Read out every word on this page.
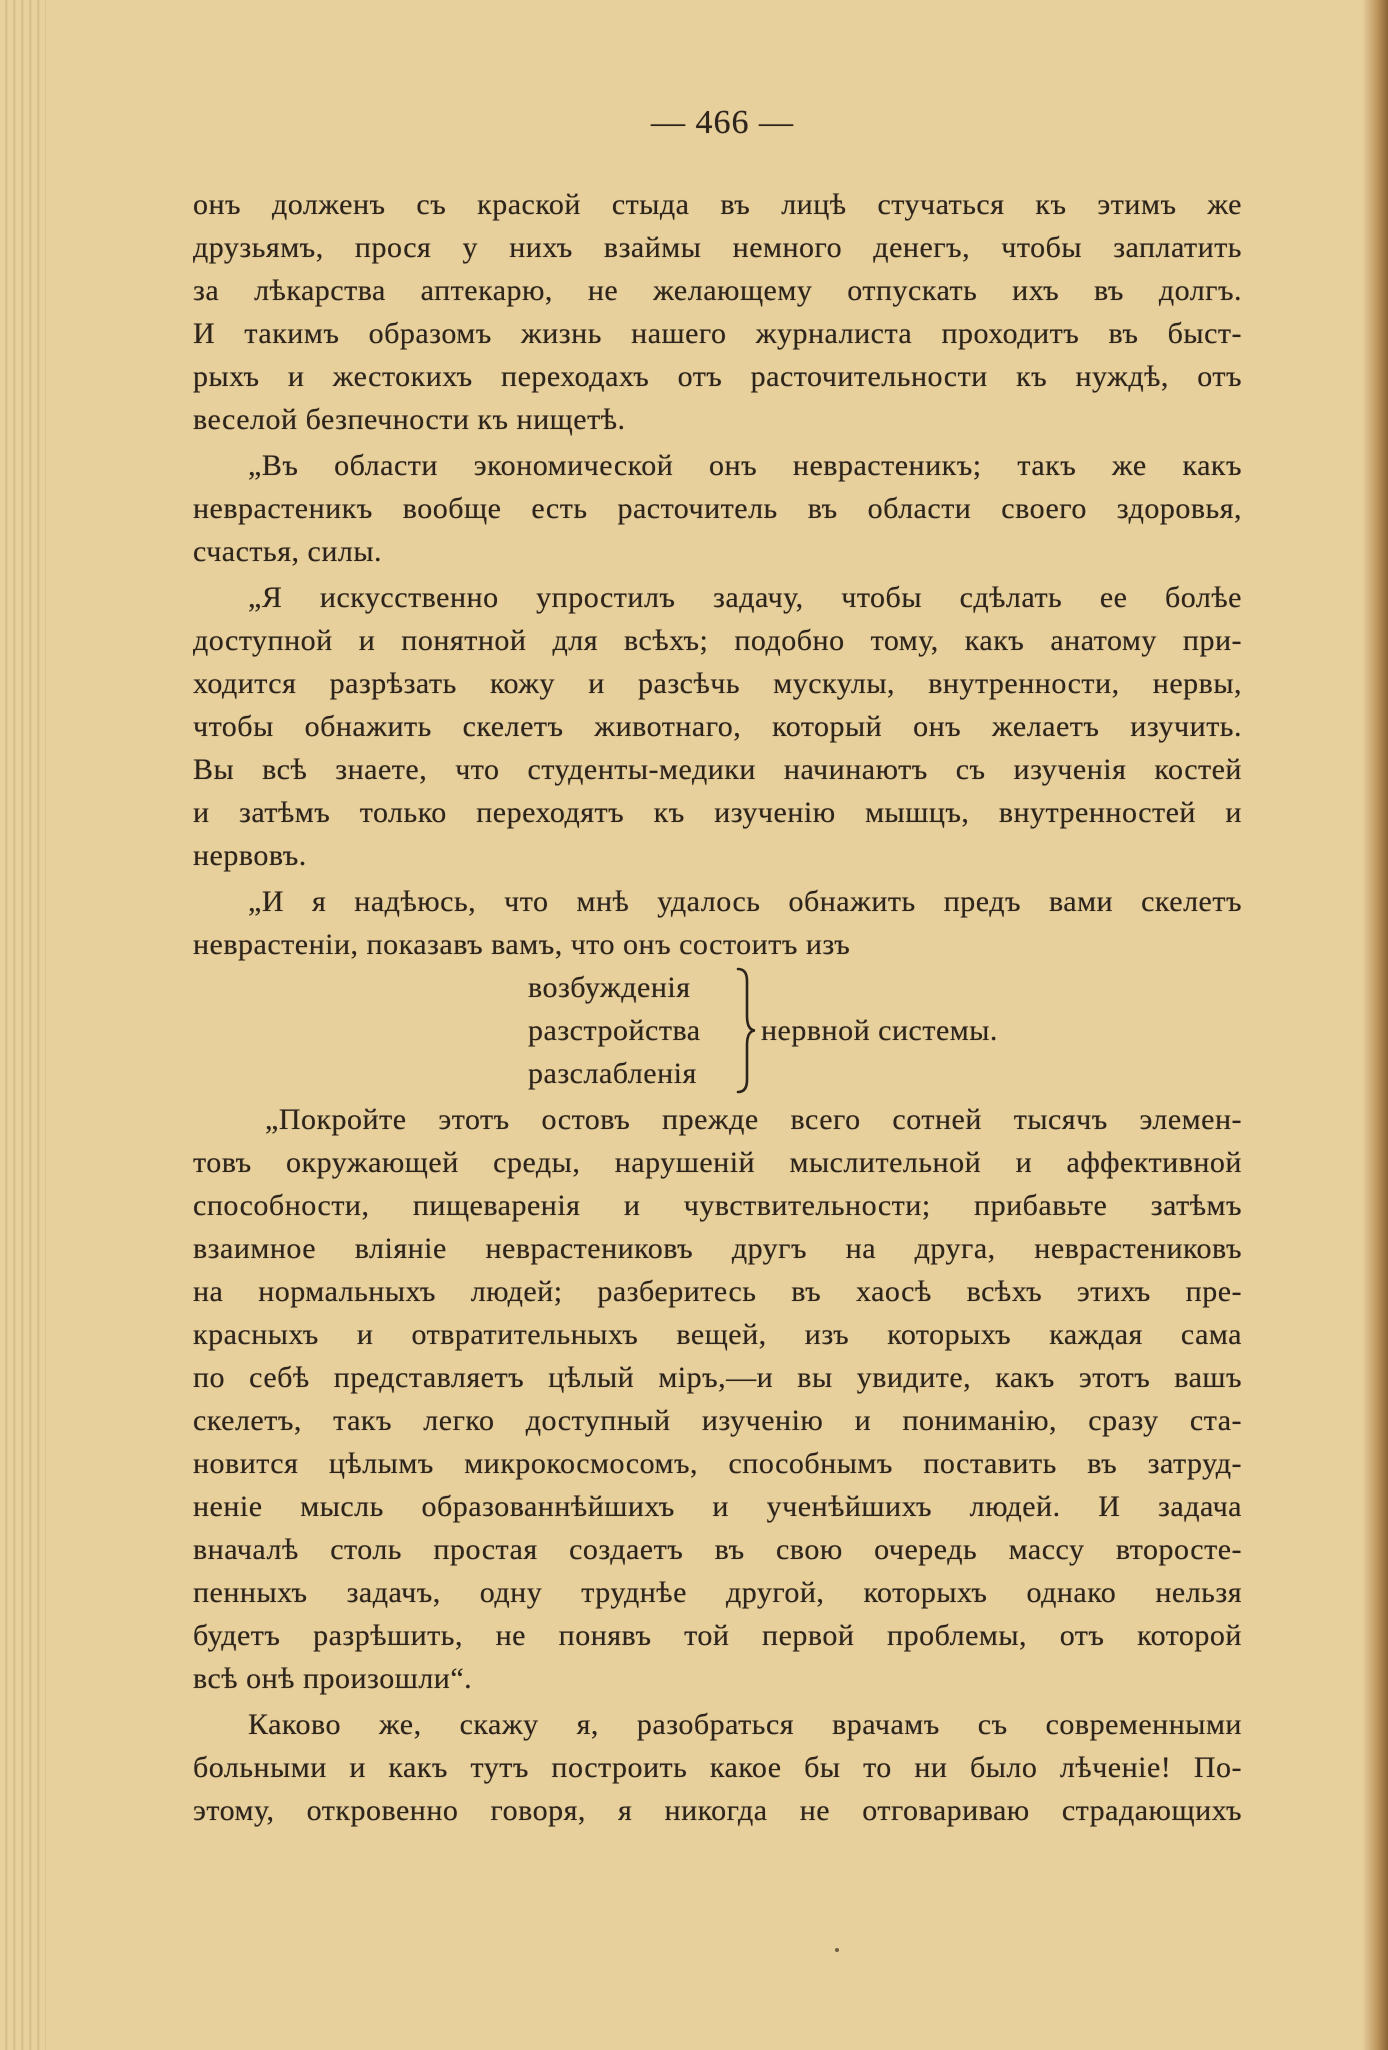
— 466 —
онъ долженъ съ краской стыда въ лицѣ стучаться къ этимъ же
друзьямъ, прося у нихъ взаймы немного денегъ, чтобы заплатить
за лѣкарства аптекарю, не желающему отпускать ихъ въ долгъ.
И такимъ образомъ жизнь нашего журналиста проходитъ въ быст-
рыхъ и жестокихъ переходахъ отъ расточительности къ нуждѣ, отъ
веселой безпечности къ нищетѣ.
„Въ области экономической онъ неврастеникъ; такъ же какъ
неврастеникъ вообще есть расточитель въ области своего здоровья,
счастья, силы.
„Я искусственно упростилъ задачу, чтобы сдѣлать ее болѣе
доступной и понятной для всѣхъ; подобно тому, какъ анатому при-
ходится разрѣзать кожу и разсѣчь мускулы, внутренности, нервы,
чтобы обнажить скелетъ животнаго, который онъ желаетъ изучить.
Вы всѣ знаете, что студенты-медики начинаютъ съ изученія костей
и затѣмъ только переходятъ къ изученію мышцъ, внутренностей и
нервовъ.
„И я надѣюсь, что мнѣ удалось обнажить предъ вами скелетъ
неврастеніи, показавъ вамъ, что онъ состоитъ изъ
возбужденія
разстройства
разслабленія
нервной системы.
„Покройте этотъ остовъ прежде всего сотней тысячъ элемен-
товъ окружающей среды, нарушеній мыслительной и аффективной
способности, пищеваренія и чувствительности; прибавьте затѣмъ
взаимное вліяніе неврастениковъ другъ на друга, неврастениковъ
на нормальныхъ людей; разберитесь въ хаосѣ всѣхъ этихъ пре-
красныхъ и отвратительныхъ вещей, изъ которыхъ каждая сама
по себѣ представляетъ цѣлый міръ,—и вы увидите, какъ этотъ вашъ
скелетъ, такъ легко доступный изученію и пониманію, сразу ста-
новится цѣлымъ микрокосмосомъ, способнымъ поставить въ затруд-
неніе мысль образованнѣйшихъ и ученѣйшихъ людей. И задача
вначалѣ столь простая создаетъ въ свою очередь массу второсте-
пенныхъ задачъ, одну труднѣе другой, которыхъ однако нельзя
будетъ разрѣшить, не понявъ той первой проблемы, отъ которой
всѣ онѣ произошли“.
Каково же, скажу я, разобраться врачамъ съ современными
больными и какъ тутъ построить какое бы то ни было лѣченіе! По-
этому, откровенно говоря, я никогда не отговариваю страдающихъ
